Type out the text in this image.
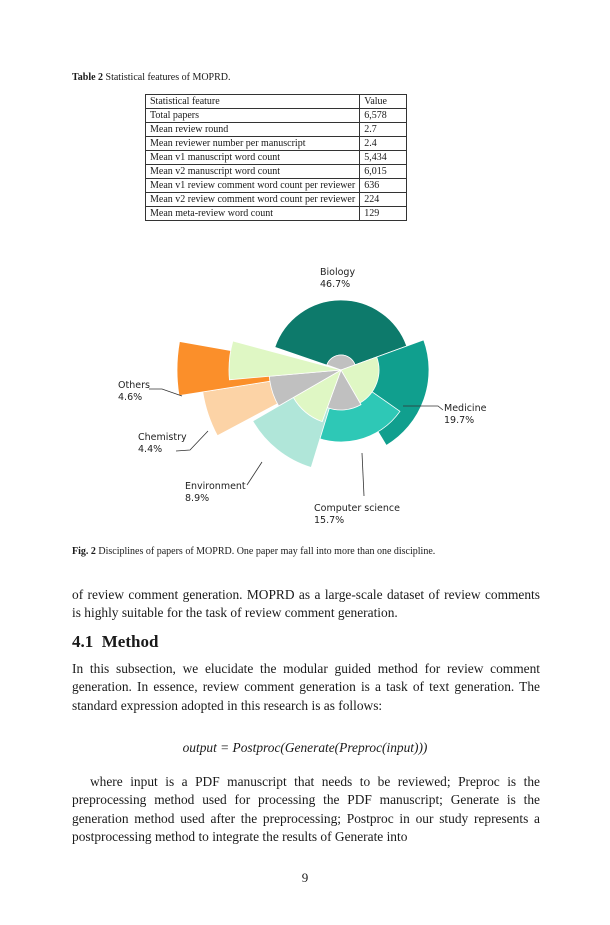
Table 2 Statistical features of MOPRD.
Statistical feature	Value
Total papers	6,578
Mean review round	2.7
Mean reviewer number per manuscript	2.4
Mean v1 manuscript word count	5,434
Mean v2 manuscript word count	6,015
Mean v1 review comment word count per reviewer	636
Mean v2 review comment word count per reviewer	224
Mean meta-review word count	129
Biology
46.7%
Medicine
19.7%
Computer science
15.7%
Environment
8.9%
Chemistry
4.4%
Others
4.6%
Fig. 2 Disciplines of papers of MOPRD. One paper may fall into more than one discipline.
of review comment generation. MOPRD as a large-scale dataset of review comments is highly suitable for the task of review comment generation.
4.1 Method
In this subsection, we elucidate the modular guided method for review comment generation. In essence, review comment generation is a task of text generation. The standard expression adopted in this research is as follows:
output = Postproc(Generate(Preproc(input)))
where input is a PDF manuscript that needs to be reviewed; Preproc is the preprocessing method used for processing the PDF manuscript; Generate is the generation method used after the preprocessing; Postproc in our study represents a postprocessing method to integrate the results of Generate into
9
